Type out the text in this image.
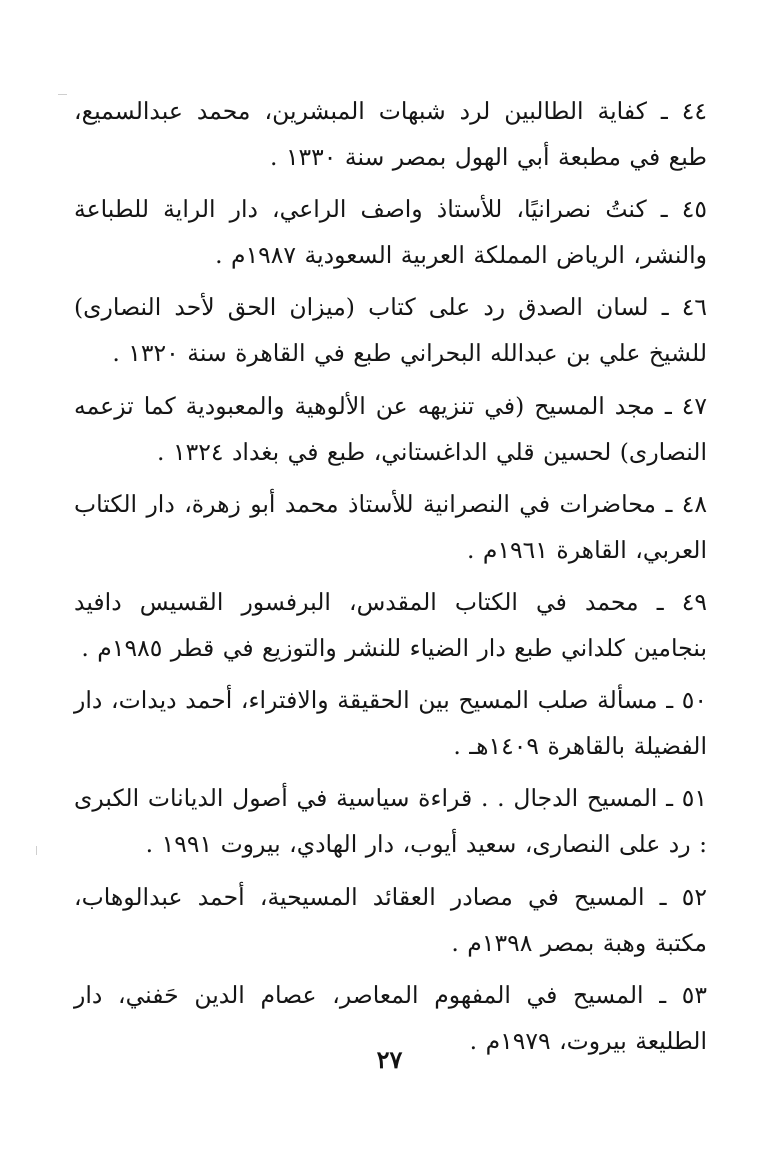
٤٤ ـ كفاية الطالبين لرد شبهات المبشرين، محمد عبدالسميع، طبع في مطبعة أبي الهول بمصر سنة ١٣٣٠ .

٤٥ ـ كنتُ نصرانيًا، للأستاذ واصف الراعي، دار الراية للطباعة والنشر، الرياض المملكة العربية السعودية ١٩٨٧م .

٤٦ ـ لسان الصدق رد على كتاب (ميزان الحق لأحد النصارى) للشيخ علي بن عبدالله البحراني طبع في القاهرة سنة ١٣٢٠ .

٤٧ ـ مجد المسيح (في تنزيهه عن الألوهية والمعبودية كما تزعمه النصارى) لحسين قلي الداغستاني، طبع في بغداد ١٣٢٤ .

٤٨ ـ محاضرات في النصرانية للأستاذ محمد أبو زهرة، دار الكتاب العربي، القاهرة ١٩٦١م .

٤٩ ـ محمد في الكتاب المقدس، البرفسور القسيس دافيد بنجامين كلداني طبع دار الضياء للنشر والتوزيع في قطر ١٩٨٥م .

٥٠ ـ مسألة صلب المسيح بين الحقيقة والافتراء، أحمد ديدات، دار الفضيلة بالقاهرة ١٤٠٩هـ .

٥١ ـ المسيح الدجال . . قراءة سياسية في أصول الديانات الكبرى : رد على النصارى، سعيد أيوب، دار الهادي، بيروت ١٩٩١ .

٥٢ ـ المسيح في مصادر العقائد المسيحية، أحمد عبدالوهاب، مكتبة وهبة بمصر ١٣٩٨م .

٥٣ ـ المسيح في المفهوم المعاصر، عصام الدين حَفني، دار الطليعة بيروت، ١٩٧٩م .

٢٧
